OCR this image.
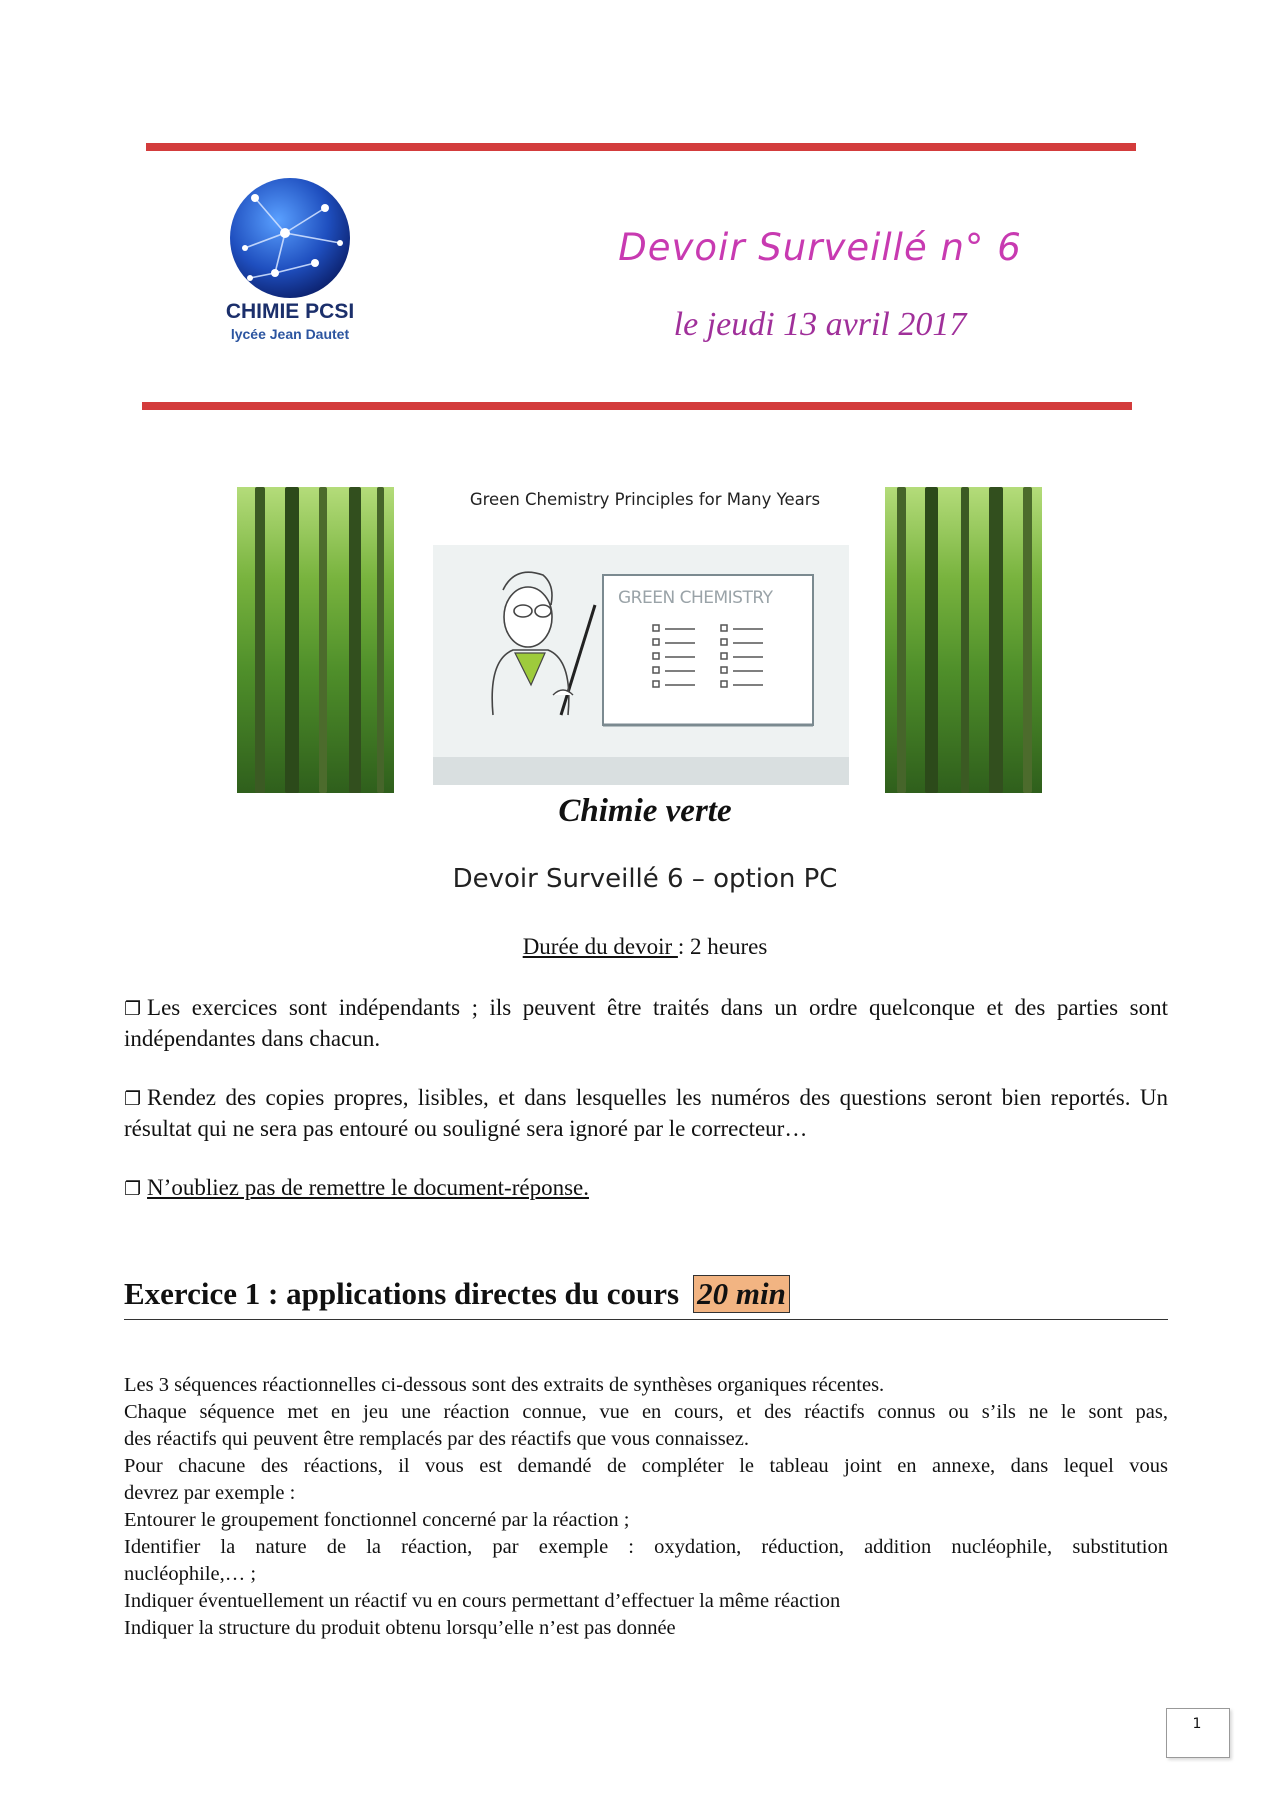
CHIMIE PCSI
lycée Jean Dautet
Devoir Surveillé n° 6
le jeudi 13 avril 2017
Green Chemistry Principles for Many Years
GREEN CHEMISTRY
Chimie verte
Devoir Surveillé 6 – option PC
Durée du devoir : 2 heures
❐ Les exercices sont indépendants ; ils peuvent être traités dans un ordre quelconque et des parties sont indépendantes dans chacun.
❐ Rendez des copies propres, lisibles, et dans lesquelles les numéros des questions seront bien reportés. Un résultat qui ne sera pas entouré ou souligné sera ignoré par le correcteur…
❐ N’oubliez pas de remettre le document-réponse.
Exercice 1 : applications directes du cours 20 min
Les 3 séquences réactionnelles ci-dessous sont des extraits de synthèses organiques récentes.
Chaque séquence met en jeu une réaction connue, vue en cours, et des réactifs connus ou s’ils ne le sont pas,
des réactifs qui peuvent être remplacés par des réactifs que vous connaissez.
Pour chacune des réactions, il vous est demandé de compléter le tableau joint en annexe, dans lequel vous
devrez par exemple :
Entourer le groupement fonctionnel concerné par la réaction ;
Identifier la nature de la réaction, par exemple : oxydation, réduction, addition nucléophile, substitution
nucléophile,… ;
Indiquer éventuellement un réactif vu en cours permettant d’effectuer la même réaction
Indiquer la structure du produit obtenu lorsqu’elle n’est pas donnée
1
